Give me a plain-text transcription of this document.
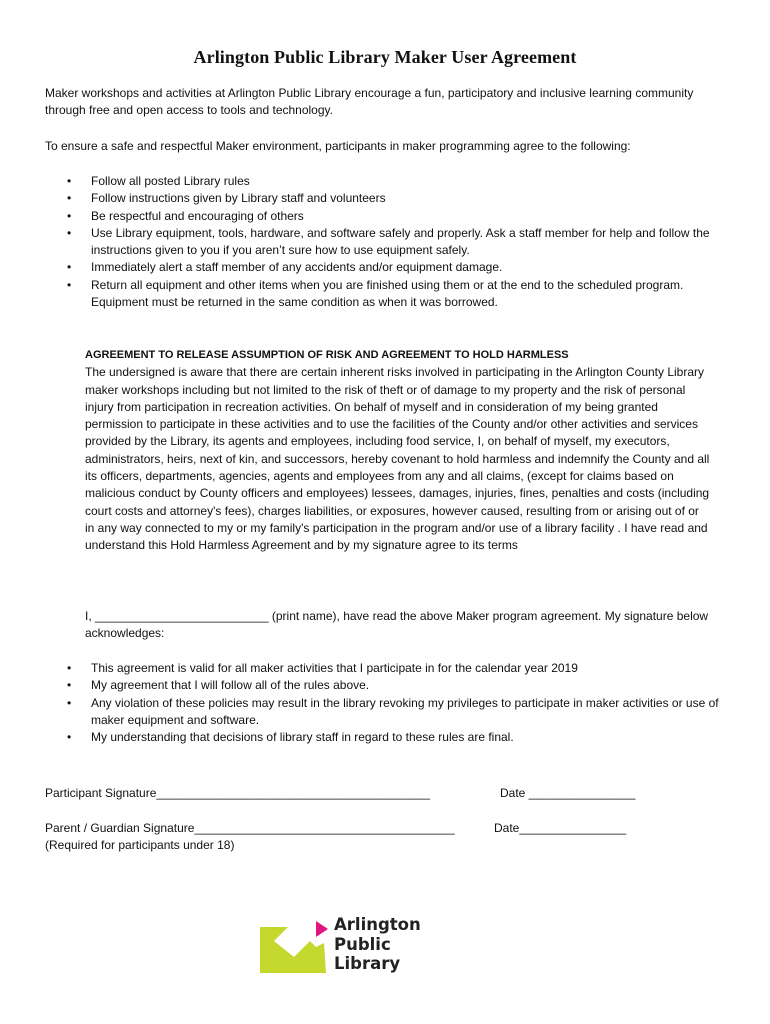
Arlington Public Library Maker User Agreement
Maker workshops and activities at Arlington Public Library encourage a fun, participatory and inclusive learning community through free and open access to tools and technology.
To ensure a safe and respectful Maker environment, participants in maker programming agree to the following:
• Follow all posted Library rules
• Follow instructions given by Library staff and volunteers
• Be respectful and encouraging of others
• Use Library equipment, tools, hardware, and software safely and properly. Ask a staff member for help and follow the instructions given to you if you aren’t sure how to use equipment safely.
• Immediately alert a staff member of any accidents and/or equipment damage.
• Return all equipment and other items when you are finished using them or at the end to the scheduled program. Equipment must be returned in the same condition as when it was borrowed.
AGREEMENT TO RELEASE ASSUMPTION OF RISK AND AGREEMENT TO HOLD HARMLESS
The undersigned is aware that there are certain inherent risks involved in participating in the Arlington County Library maker workshops including but not limited to the risk of theft or of damage to my property and the risk of personal injury from participation in recreation activities. On behalf of myself and in consideration of my being granted permission to participate in these activities and to use the facilities of the County and/or other activities and services provided by the Library, its agents and employees, including food service, I, on behalf of myself, my executors, administrators, heirs, next of kin, and successors, hereby covenant to hold harmless and indemnify the County and all its officers, departments, agencies, agents and employees from any and all claims, (except for claims based on malicious conduct by County officers and employees) lessees, damages, injuries, fines, penalties and costs (including court costs and attorney's fees), charges liabilities, or exposures, however caused, resulting from or arising out of or in any way connected to my or my family's participation in the program and/or use of a library facility . I have read and understand this Hold Harmless Agreement and by my signature agree to its terms
I, __________________________ (print name), have read the above Maker program agreement. My signature below acknowledges:
• This agreement is valid for all maker activities that I participate in for the calendar year 2019
• My agreement that I will follow all of the rules above.
• Any violation of these policies may result in the library revoking my privileges to participate in maker activities or use of maker equipment and software.
• My understanding that decisions of library staff in regard to these rules are final.
Participant Signature_________________________________________	Date ________________
Parent / Guardian Signature_______________________________________	Date________________
(Required for participants under 18)
Arlington
Public
Library
